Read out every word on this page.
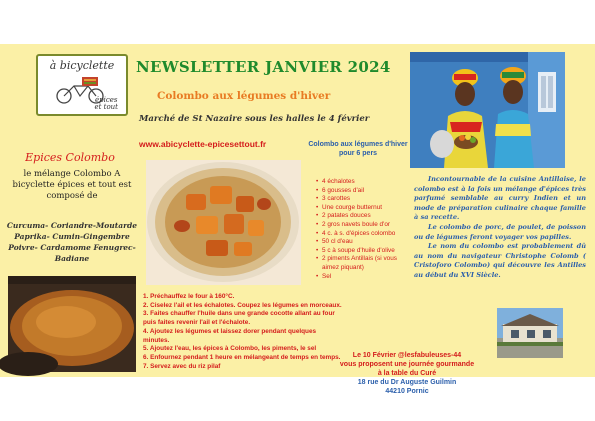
à bicyclette
épices
et tout
NEWSLETTER JANVIER 2024
Colombo aux légumes d'hiver
Marché de St Nazaire sous les halles le 4 février
www.abicyclette-epicesettout.fr	Colombo aux légumes d'hiver pour 6 pers
Epices Colombo
le mélange Colombo A bicyclette épices et tout est composé de
Curcuma- Coriandre-Moutarde Paprika- Cumin-Gingembre Poivre- Cardamome Fenugrec- Badiane
• 4 échalotes
• 6 gousses d'ail
• 3 carottes
• Une courge butternut
• 2 patates douces
• 2 gros navets boule d'or
• 4 c. à s. d'épices colombo
• 50 cl d'eau
• 5 c à soupe d'huile d'olive
• 2 piments Antillais (si vous aimez piquant)
• Sel

Incontournable de la cuisine Antillaise, le colombo est à la fois un mélange d'épices très parfumé semblable au curry Indien et un mode de préparation culinaire chaque famille à sa recette.

Le colombo de porc, de poulet, de poisson ou de légumes feront voyager vos papilles.

Le nom du colombo est probablement dû au nom du navigateur Christophe Colomb ( Cristoforo Colombo) qui découvre les Antilles au début du XVI Siècle.

1. Préchauffez le four à 160°C.
2. Ciselez l'ail et les échalotes. Coupez les légumes en morceaux.
3. Faites chauffer l'huile dans une grande cocotte allant au four puis faites revenir l'ail et l'échalote.
4. Ajoutez les légumes et laissez dorer pendant quelques minutes.
5. Ajoutez l'eau, les épices à Colombo, les piments, le sel
6. Enfournez pendant 1 heure en mélangeant de temps en temps.
7. Servez avec du riz pilaf
Le 10 Février @lesfabuleuses-44
vous proposent une journée gourmande
à la table du Curé
18 rue du Dr Auguste Guilmin
44210 Pornic
